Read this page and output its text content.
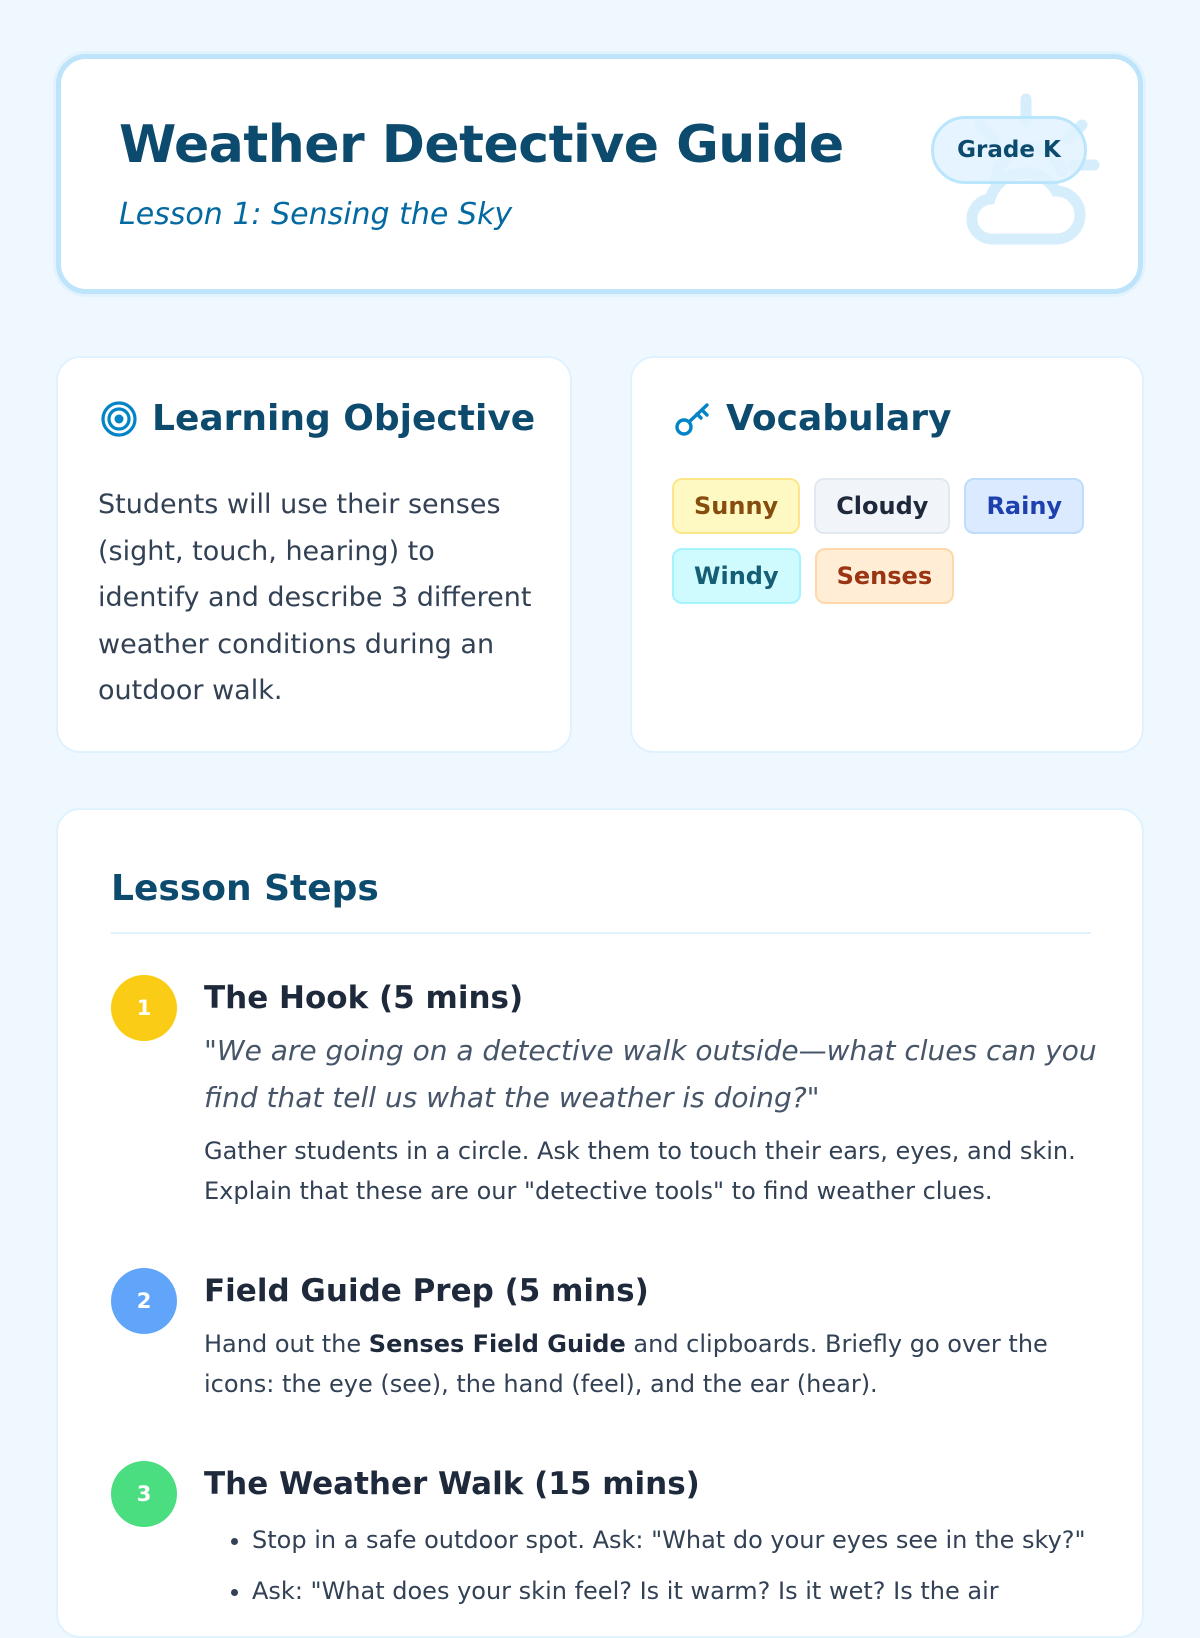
Weather Detective Guide
Lesson 1: Sensing the Sky
Grade K
Learning Objective

Students will use their senses (sight, touch, hearing) to identify and describe 3 different weather conditions during an outdoor walk.

Vocabulary
Sunny	Cloudy	Rainy
Windy	Senses
Lesson Steps
1	The Hook (5 mins)

"We are going on a detective walk outside—what clues can you find that tell us what the weather is doing?"

Gather students in a circle. Ask them to touch their ears, eyes, and skin. Explain that these are our "detective tools" to find weather clues.

2	Field Guide Prep (5 mins)

Hand out the Senses Field Guide and clipboards. Briefly go over the icons: the eye (see), the hand (feel), and the ear (hear).

3	The Weather Walk (15 mins)
• Stop in a safe outdoor spot. Ask: "What do your eyes see in the sky?"
• Ask: "What does your skin feel? Is it warm? Is it wet? Is the air
